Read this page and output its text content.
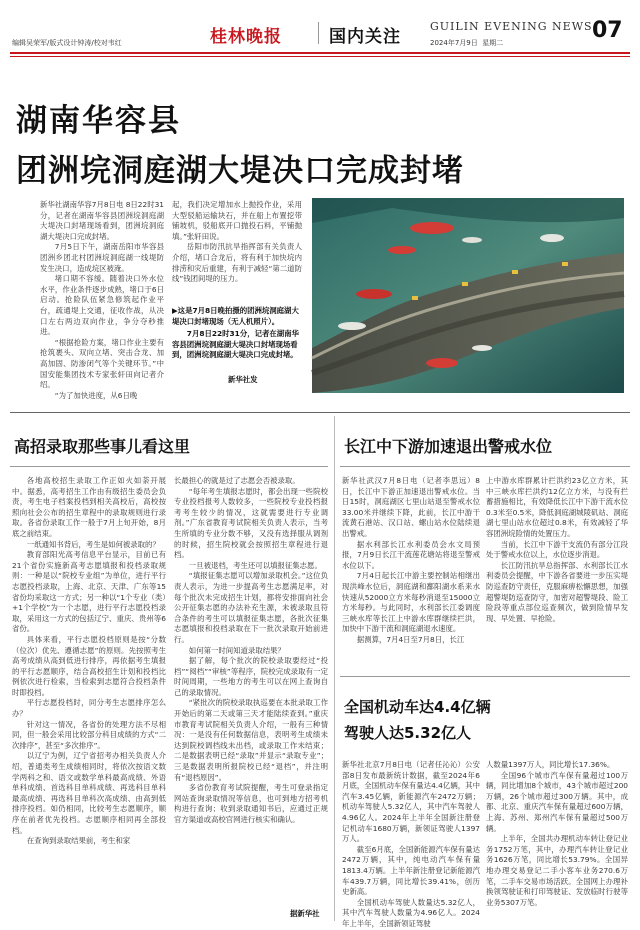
编辑吴荣军/版式设计钟涛/校对韦红	桂林晚报	国内关注
GUILIN EVENING NEWS
2024年7月9日 星期二	07
湖南华容县
团洲垸洞庭湖大堤决口完成封堵

新华社湖南华容7月8日电 8日22时31分，记者在湖南华容县团洲垸洞庭湖大堤决口封堵现场看到，团洲垸洞庭湖大堤决口完成封堵。

7月5日下午，湖南岳阳市华容县团洲乡团北村团洲垸洞庭湖一线堤防发生决口，造成垸区被淹。

堵口期不容缓。随着决口外水位水平，作业条件逐步成熟，堵口于6日启动。抢险队伍紧急修筑起作业平台，疏通堤上交通，征收作战，从决口左右两边双向作业，争分夺秒推进。

“根据抢险方案，堵口作业主要有抢筑裹头、双向立堵、突击合龙、加高加固、防渗闭气等个关键环节。”中国安能集团技术专家张轩田向记者介绍。

“为了加快进度，从6日晚

起，我们决定增加水上抛投作业，采用大型驳船运输块石，并在船上布置挖带铺坡机，驳船底开口抛投石料，平铺抛填。”张轩田说。

岳阳市防汛抗旱指挥部有关负责人介绍，堵口合龙后，将有利于加快垸内排涝和灾后重建，有利于减轻“第二道防线”钱团间堤的压力。

▶这是7月8日晚拍摄的团洲垸洞庭湖大堤决口封堵现场（无人机照片）。

7月8日22时31分，记者在湖南华容县团洲垸洞庭湖大堤决口封堵现场看到，团洲垸洞庭湖大堤决口完成封堵。

新华社发
高招录取那些事儿看这里

各地高校招生录取工作正如火如荼开展中。据悉，高考招生工作由有级招生委员会负责，考生电子档案投档到相关高校后，高校按照向社会公布的招生章程中的录取规则进行录取。各省份录取工作一般于7月上旬开始，8月底之前结束。

一纸通知书背后，考生是如何被录取的？

教育部阳光高考信息平台显示，目前已有21个省份实施新高考志愿填报和投档录取规则：一种是以“院校专业组”为单位，进行平行志愿投档录取，上海、北京、天津、广东等15省份均采取这一方式；另一种以“1个专业（类）+1个学校”为一个志愿，进行平行志愿投档录取，采用这一方式的包括辽宁、重庆、贵州等6省份。

具体来看，平行志愿投档原则是按“分数（位次）优先、遵循志愿”的原则。先按照考生高考成绩从高到低进行排序，再依据考生填报的平行志愿顺序，结合高校招生计划和投档比例依次进行检索，当检索到志愿符合投档条件时即投档。

平行志愿投档时，同分考生志愿排序怎么办？

针对这一情况，各省份的处理方法不尽相同，但一般会采用比较部分科目成绩的方式“二次排序”，甚至“多次排序”。

以辽宁为例，辽宁省招考办相关负责人介绍，普通类考生成绩相同时，将依次按语文数学两科之和、语文或数学单科最高成绩、外语单科成绩、首选科目单科成绩、再选科目单科最高成绩、再选科目单科次高成绩、由高到低排序投档。如仍相同，比较考生志愿顺序，顺序在前者优先投档。志愿顺序相同再全部投档。

在查询到录取结果前，考生和家

长最担心的就是过了志愿会否被录取。

“每年考生填报志愿时，都会出现一些院校专业投档报考人数较多，一些院校专业投档报考考生较少的情况，这就需要进行专业调剂。”广东省教育考试院相关负责人表示，当考生所填的专业分数不够，又没有选择服从调剂的时候，招生院校就会按照招生章程进行退档。

一旦被退档，考生还可以填报征集志愿。

“填报征集志愿可以增加录取机会。”这位负责人表示，为进一步提高考生志愿满足率，对每个批次未完成招生计划，都将安排面向社会公开征集志愿的办法补充生源，未被录取且符合条件的考生可以填报征集志愿，各批次征集志愿填报和投档录取在下一批次录取开始前进行。

如何第一时间知道录取结果？

据了解，每个批次的院校录取要经过“投档”“阅档”“审核”等程序，院校完成录取有一定时间周期，一些地方的考生可以在网上查询自己的录取情况。

“紧批次的院校录取执巡要在本批录取工作开始后的第二天或第三天才能陆续查到。”重庆市教育考试院相关负责人介绍，一般有三种情况：一是没有任何数据信息，表明考生成绩未达到院校调档线未出档，或录取工作未结束；二是数据表明已经“录取”并显示“录取专业”；三是数据表明所报院校已经“退档”，并注明有“退档原因”。

多省份教育考试院提醒，考生可登录指定网站查询录取情况等信息，也可到地方招考机构进行查询；收到录取通知书后，应通过正规官方渠道或高校官网进行核实和确认。

据新华社
长江中下游加速退出警戒水位

新华社武汉7月8日电（记者李思远）8日，长江中下游正加速退出警戒水位。当日15时，洞庭湖区七里山站退至警戒水位33.00米并继续下降，此前，长江中游干流黄石港站、汉口站、螺山站水位陆续退出警戒。

据水利部长江水利委员会水文局预报，7月9日长江干流莲花塘站将退至警戒水位以下。

7月4日起长江中游主要控制站相继出现洪峰水位后，洞庭湖和鄱阳湖水系来水快速从52000立方米每秒消退至15000立方米每秒。与此同时，水利部长江委调度三峡水库等长江上中游水库群继续拦洪，加快中下游干流和洞庭湖退水速度。

据测算，7月4日至7月8日，长江

上中游水库群累计拦洪约23亿立方米，其中三峡水库拦洪约12亿立方米，与没有拦蓄措施相比，有效降低长江中下游干流水位0.3米至0.5米，降低洞庭湖城陵矶站、洞庭湖七里山站水位超过0.8米，有效减轻了华容团洲垸险情的处置压力。

当前，长江中下游干支流仍有部分江段处于警戒水位以上，水位逐步消退。

长江防汛抗旱总指挥部、水利部长江水利委员会提醒，中下游各省要进一步压实堤防巡查防守责任，克服麻痹松懈思想，加强超警堤防巡查防守，加密对超警堤段、险工险段等重点部位巡查频次，做到险情早发现、早处置、早抢险。

全国机动车达4.4亿辆
驾驶人达5.32亿人

新华社北京7月8日电（记者任沁沁）公安部8日发布最新统计数据，截至2024年6月底，全国机动车保有量达4.4亿辆，其中汽车3.45亿辆，新能源汽车2472万辆；机动车驾驶人5.32亿人，其中汽车驾驶人4.96亿人。2024年上半年全国新注册登记机动车1680万辆，新领证驾驶人1397万人。

截至6月底，全国新能源汽车保有量达2472万辆，其中，纯电动汽车保有量1813.4万辆。上半年新注册登记新能源汽车439.7万辆，同比增长39.41%，创历史新高。

全国机动车驾驶人数量达5.32亿人，其中汽车驾驶人数量为4.96亿人。2024年上半年，全国新领证驾驶

人数量1397万人，同比增长17.36%。

全国96个城市汽车保有量超过100万辆，同比增加8个城市，43个城市超过200万辆，26个城市超过300万辆。其中，成都、北京、重庆汽车保有量超过600万辆，上海、苏州、郑州汽车保有量超过500万辆。

上半年，全国共办理机动车转让登记业务1752万笔，其中，办理汽车转让登记业务1626万笔，同比增长53.79%。全国异地办理交易登记二手小客车业务270.6万笔，二手车交易市场活跃。全国网上办理补换领驾驶证和打印驾驶证、发放临时行驶等业务5307万笔。
